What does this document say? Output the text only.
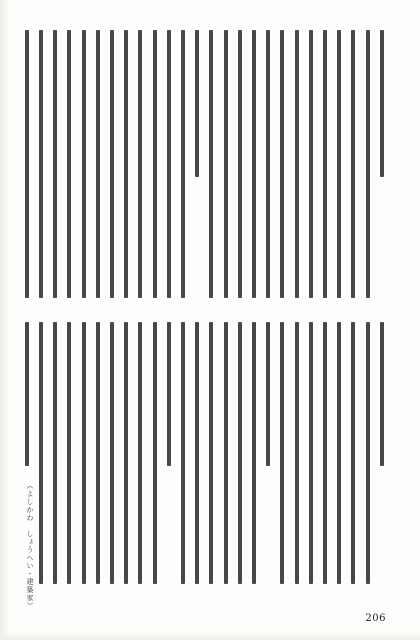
（よしかわ　しょうへい・建築家）
206
